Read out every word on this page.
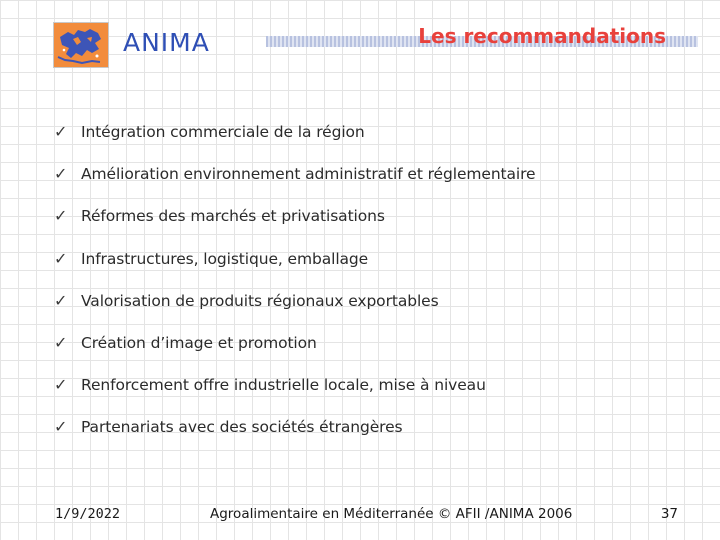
ANIMA	Les recommandations
✓ Intégration commerciale de la région
✓ Amélioration environnement administratif et réglementaire
✓ Réformes des marchés et privatisations
✓ Infrastructures, logistique, emballage
✓ Valorisation de produits régionaux exportables
✓ Création d’image et promotion
✓ Renforcement offre industrielle locale, mise à niveau
✓ Partenariats avec des sociétés étrangères
1/9/2022	Agroalimentaire en Méditerranée © AFII /ANIMA 2006	37
